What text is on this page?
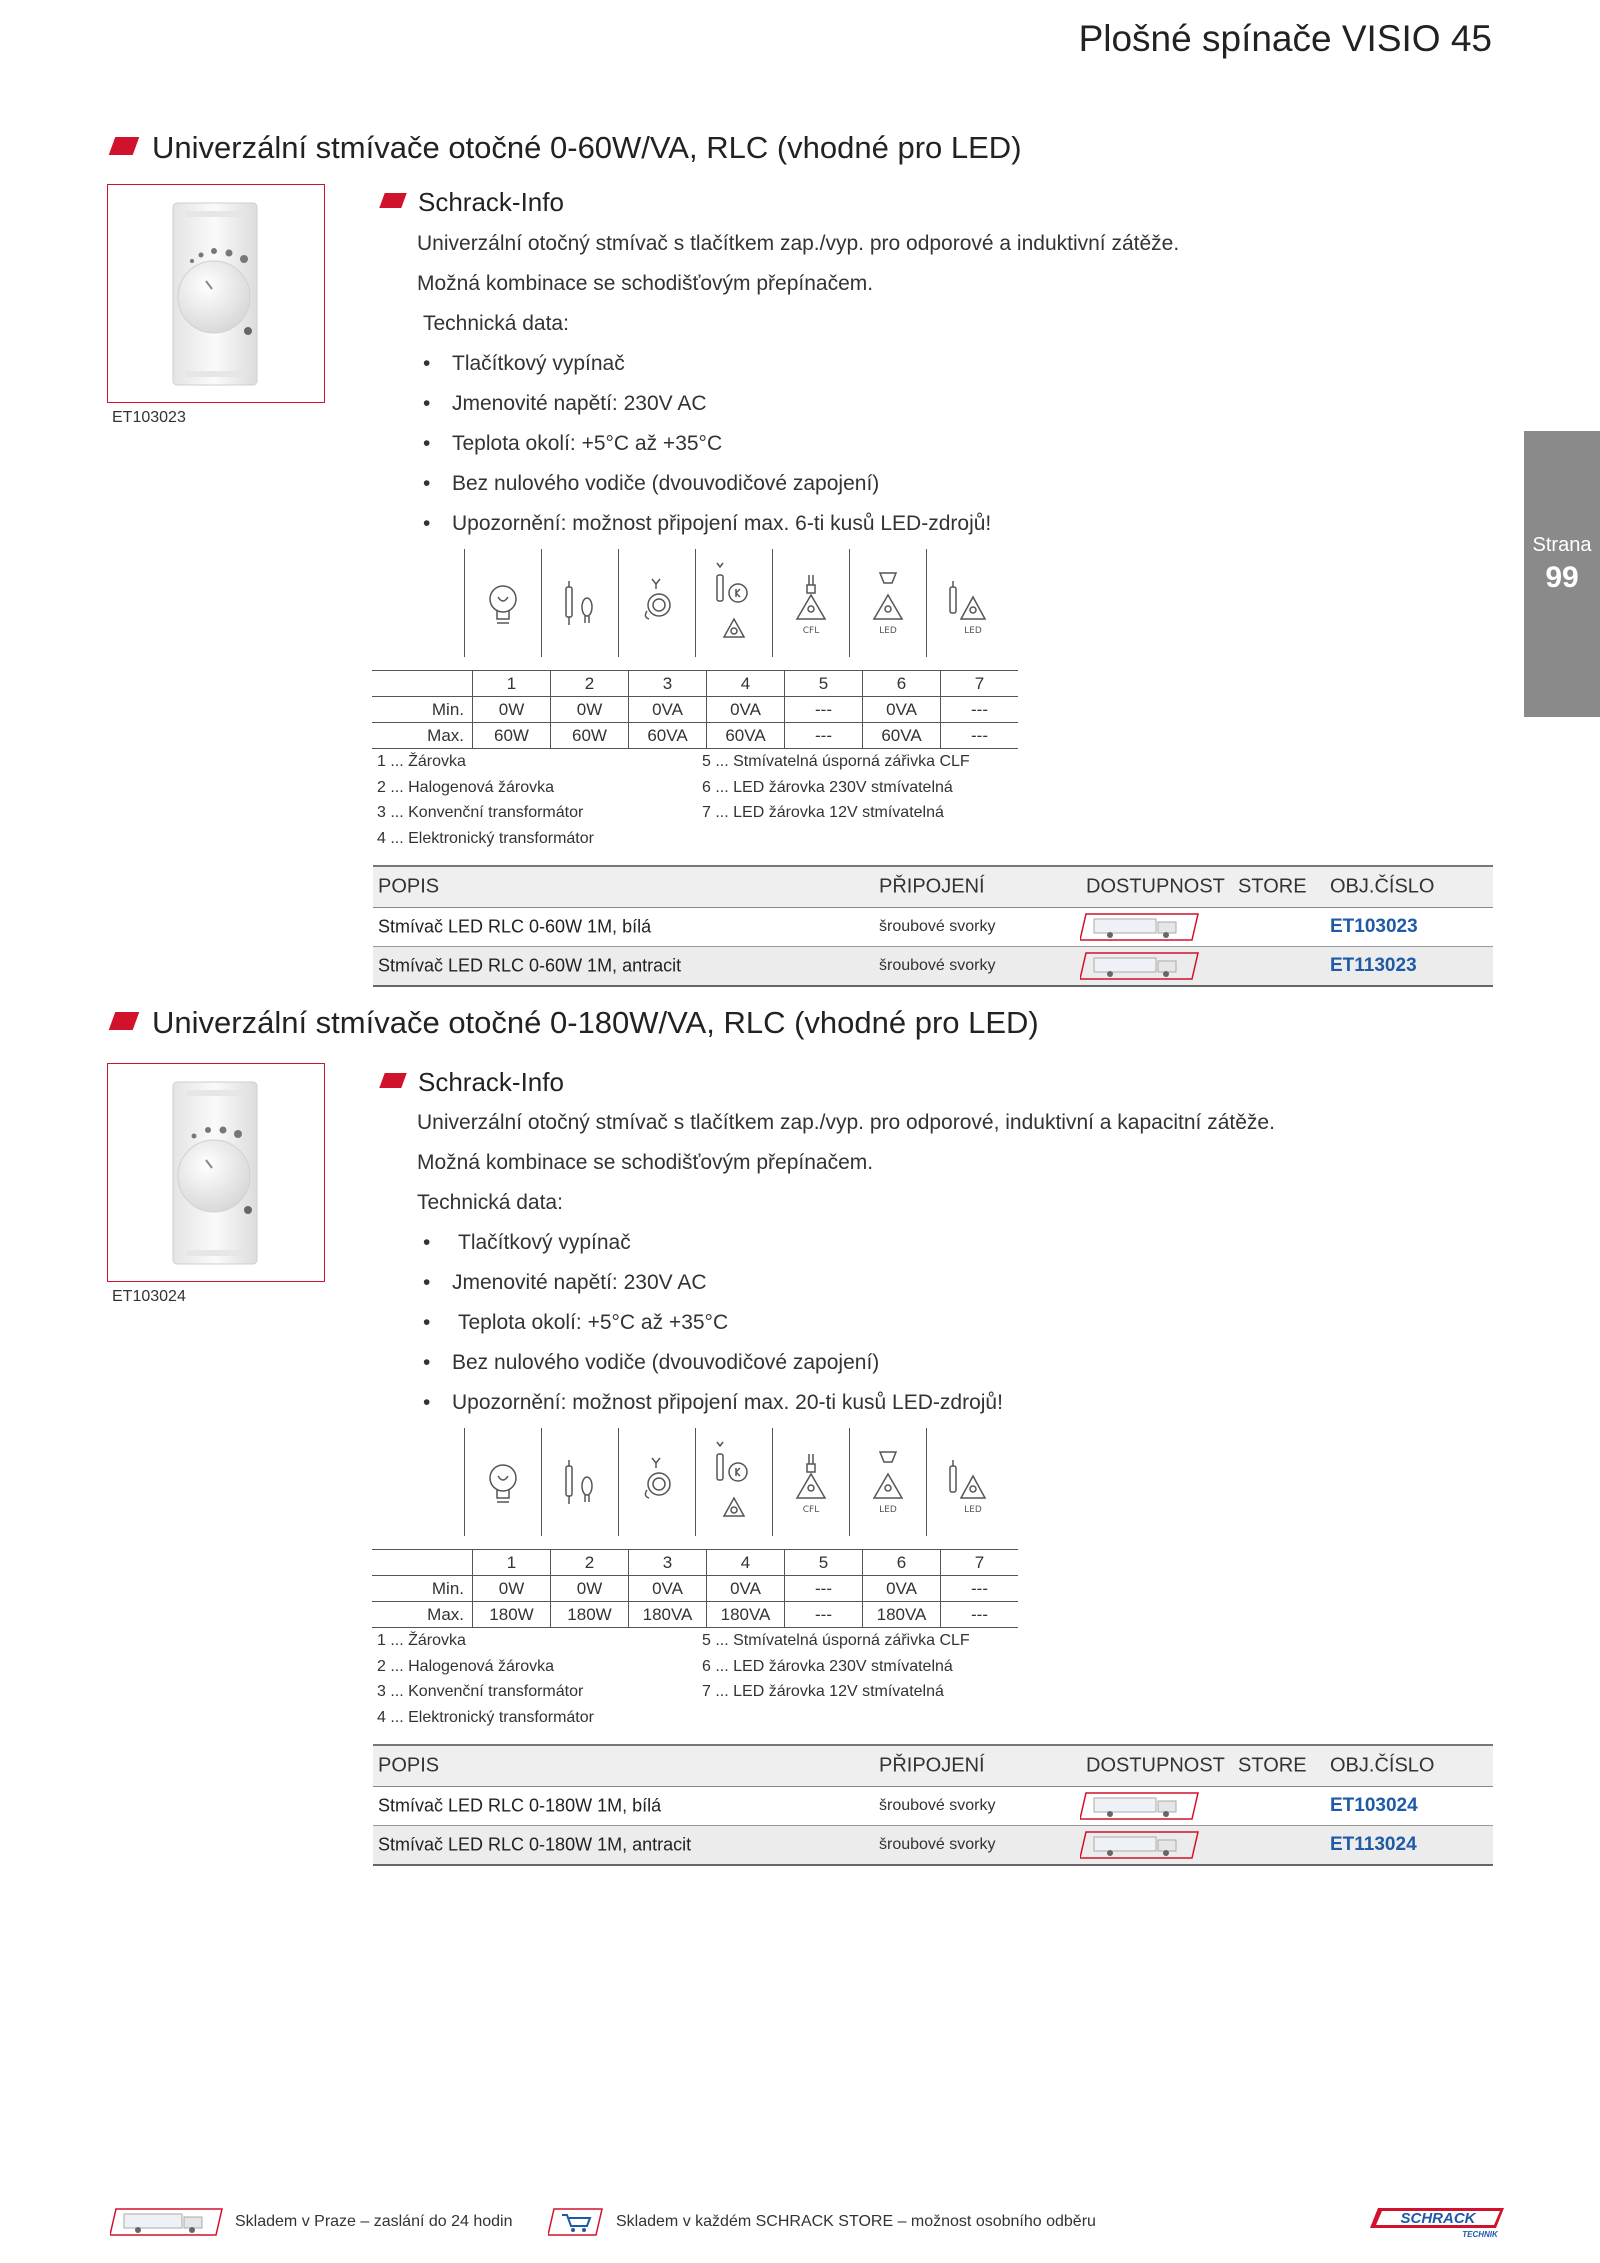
Plošné spínače VISIO 45
Strana
99
Univerzální stmívače otočné 0-60W/VA, RLC (vhodné pro LED)
ET103023
Schrack-Info
Univerzální otočný stmívač s tlačítkem zap./vyp. pro odporové a induktivní zátěže.
Možná kombinace se schodišťovým přepínačem.
Technická data:
• Tlačítkový vypínač
• Jmenovité napětí: 230V AC
• Teplota okolí: +5°C až +35°C
• Bez nulového vodiče (dvouvodičové zapojení)
• Upozornění: možnost připojení max. 6-ti kusů LED-zdrojů!
CFL	LED	LED
	1	2	3	4	5	6	7
Min.	0W	0W	0VA	0VA	---	0VA	---
Max.	60W	60W	60VA	60VA	---	60VA	---
1 ... Žárovka
2 ... Halogenová žárovka
3 ... Konvenční transformátor
4 ... Elektronický transformátor
5 ... Stmívatelná úsporná zářivka CLF
6 ... LED žárovka 230V stmívatelná
7 ... LED žárovka 12V stmívatelná
POPIS	PŘIPOJENÍ	DOSTUPNOST STORE OBJ.ČÍSLO
Stmívač LED RLC 0-60W 1M, bílá	šroubové svorky	ET103023
Stmívač LED RLC 0-60W 1M, antracit	šroubové svorky	ET113023
Univerzální stmívače otočné 0-180W/VA, RLC (vhodné pro LED)
ET103024
Schrack-Info
Univerzální otočný stmívač s tlačítkem zap./vyp. pro odporové, induktivní a kapacitní zátěže.
Možná kombinace se schodišťovým přepínačem.
Technická data:
• Tlačítkový vypínač
• Jmenovité napětí: 230V AC
• Teplota okolí: +5°C až +35°C
• Bez nulového vodiče (dvouvodičové zapojení)
• Upozornění: možnost připojení max. 20-ti kusů LED-zdrojů!
CFL	LED	LED
	1	2	3	4	5	6	7
Min.	0W	0W	0VA	0VA	---	0VA	---
Max.	180W	180W	180VA	180VA	---	180VA	---
1 ... Žárovka
2 ... Halogenová žárovka
3 ... Konvenční transformátor
4 ... Elektronický transformátor
5 ... Stmívatelná úsporná zářivka CLF
6 ... LED žárovka 230V stmívatelná
7 ... LED žárovka 12V stmívatelná
POPIS	PŘIPOJENÍ	DOSTUPNOST STORE OBJ.ČÍSLO
Stmívač LED RLC 0-180W 1M, bílá	šroubové svorky	ET103024
Stmívač LED RLC 0-180W 1M, antracit	šroubové svorky	ET113024
Skladem v Praze – zaslání do 24 hodin	Skladem v každém SCHRACK STORE – možnost osobního odběru	SCHRACK
TECHNIK
